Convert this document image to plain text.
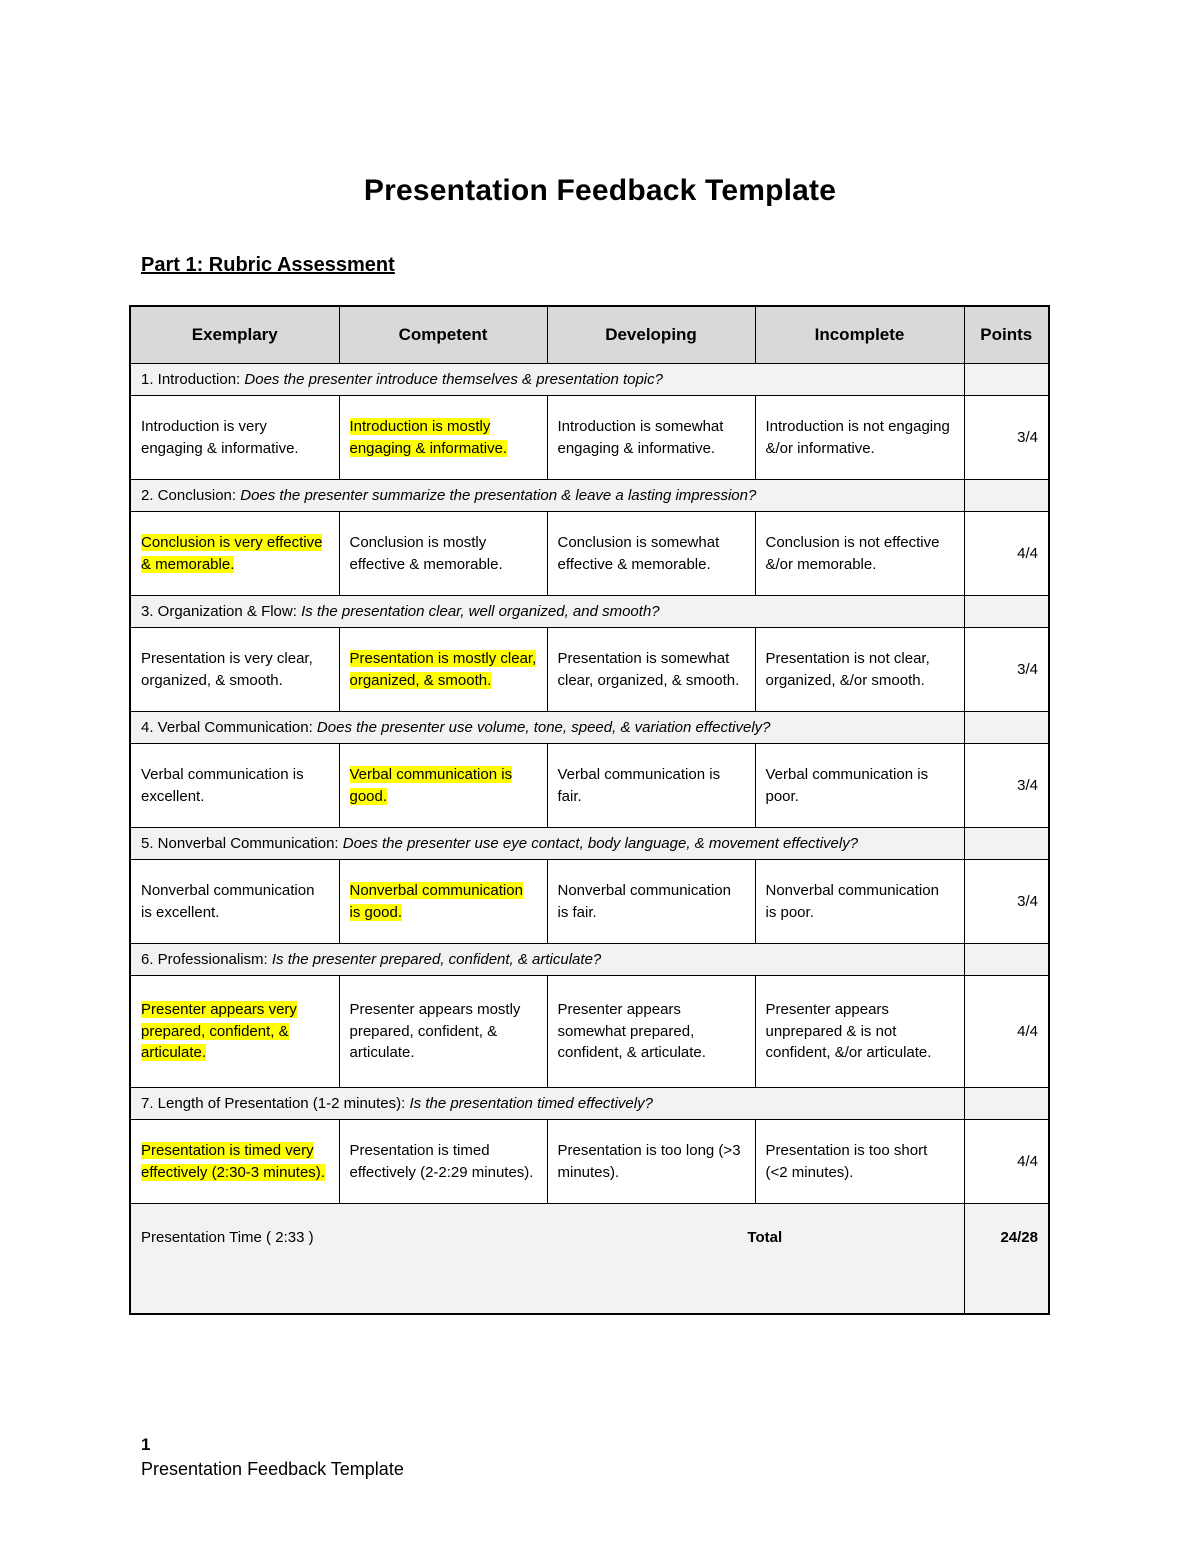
Presentation Feedback Template
Part 1: Rubric Assessment
Exemplary	Competent	Developing	Incomplete	Points
1. Introduction: Does the presenter introduce themselves & presentation topic?				
Introduction is very engaging & informative.	Introduction is mostly engaging & informative.	Introduction is somewhat engaging & informative.	Introduction is not engaging &/or informative.	3/4
2. Conclusion: Does the presenter summarize the presentation & leave a lasting impression?				
Conclusion is very effective & memorable.	Conclusion is mostly effective & memorable.	Conclusion is somewhat effective & memorable.	Conclusion is not effective &/or memorable.	4/4
3. Organization & Flow: Is the presentation clear, well organized, and smooth?				
Presentation is very clear, organized, & smooth.	Presentation is mostly clear, organized, & smooth.	Presentation is somewhat clear, organized, & smooth.	Presentation is not clear, organized, &/or smooth.	3/4
4. Verbal Communication: Does the presenter use volume, tone, speed, & variation effectively?				
Verbal communication is excellent.	Verbal communication is good.	Verbal communication is fair.	Verbal communication is poor.	3/4
5. Nonverbal Communication: Does the presenter use eye contact, body language, & movement effectively?				
Nonverbal communication is excellent.	Nonverbal communication is good.	Nonverbal communication is fair.	Nonverbal communication is poor.	3/4
6. Professionalism: Is the presenter prepared, confident, & articulate?				
Presenter appears very prepared, confident, & articulate.	Presenter appears mostly prepared, confident, & articulate.	Presenter appears somewhat prepared, confident, & articulate.	Presenter appears unprepared & is not confident, &/or articulate.	4/4
7. Length of Presentation (1-2 minutes): Is the presentation timed effectively?				
Presentation is timed very effectively (2:30-3 minutes).	Presentation is timed effectively (2-2:29 minutes).	Presentation is too long (>3 minutes).	Presentation is too short (<2 minutes).	4/4

Presentation Time ( 2:33 ) Total				24/28
1
Presentation Feedback Template
